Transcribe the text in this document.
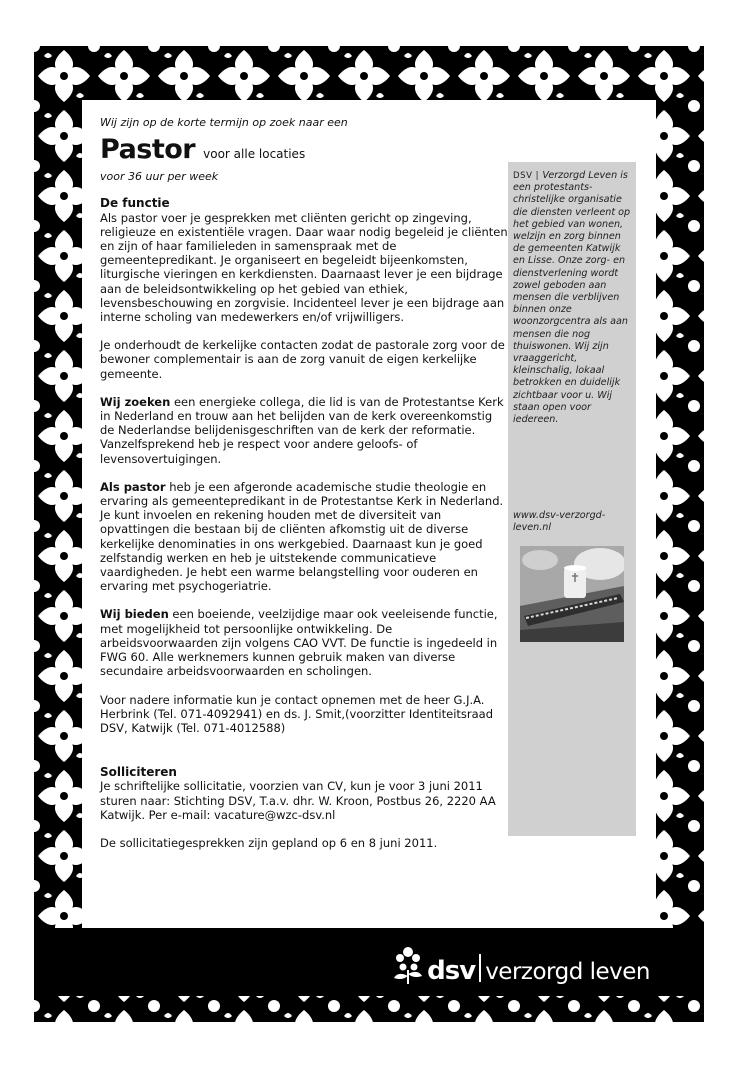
dsv verzorgd leven

Wij zijn op de korte termijn op zoek naar een

Pastor voor alle locaties

voor 36 uur per week

De functie

Als pastor voer je gesprekken met cliënten gericht op zingeving, religieuze en existentiële vragen. Daar waar nodig begeleid je cliënten en zijn of haar familieleden in samenspraak met de gemeentepredikant. Je organiseert en begeleidt bijeenkomsten, liturgische vieringen en kerkdiensten. Daarnaast lever je een bijdrage aan de beleidsontwikkeling op het gebied van ethiek, levensbeschouwing en zorgvisie. Incidenteel lever je een bijdrage aan interne scholing van medewerkers en/of vrijwilligers.

Je onderhoudt de kerkelijke contacten zodat de pastorale zorg voor de bewoner complementair is aan de zorg vanuit de eigen kerkelijke gemeente.

Wij zoeken een energieke collega, die lid is van de Protestantse Kerk in Nederland en trouw aan het belijden van de kerk overeenkomstig de Nederlandse belijdenisgeschriften van de kerk der reformatie. Vanzelfsprekend heb je respect voor andere geloofs- of levensovertuigingen.

Als pastor heb je een afgeronde academische studie theologie en ervaring als gemeentepredikant in de Protestantse Kerk in Nederland. Je kunt invoelen en rekening houden met de diversiteit van opvattingen die bestaan bij de cliënten afkomstig uit de diverse kerkelijke denominaties in ons werkgebied. Daarnaast kun je goed zelfstandig werken en heb je uitstekende communicatieve vaardigheden. Je hebt een warme belangstelling voor ouderen en ervaring met psychogeriatrie.

Wij bieden een boeiende, veelzijdige maar ook veeleisende functie, met mogelijkheid tot persoonlijke ontwikkeling. De arbeidsvoorwaarden zijn volgens CAO VVT. De functie is ingedeeld in FWG 60. Alle werknemers kunnen gebruik maken van diverse secundaire arbeidsvoorwaarden en scholingen.

Voor nadere informatie kun je contact opnemen met de heer G.J.A. Herbrink (Tel. 071-4092941) en ds. J. Smit,(voorzitter Identiteitsraad DSV, Katwijk (Tel. 071-4012588)

Solliciteren

Je schriftelijke sollicitatie, voorzien van CV, kun je voor 3 juni 2011 sturen naar: Stichting DSV, T.a.v. dhr. W. Kroon, Postbus 26, 2220 AA Katwijk. Per e-mail: vacature@wzc-dsv.nl

De sollicitatiegesprekken zijn gepland op 6 en 8 juni 2011.

DSV | Verzorgd Leven is een protestants-christelijke organisatie die diensten verleent op het gebied van wonen, welzijn en zorg binnen de gemeenten Katwijk en Lisse. Onze zorg- en dienstverlening wordt zowel geboden aan mensen die verblijven binnen onze woonzorgcentra als aan mensen die nog thuiswonen. Wij zijn vraaggericht, kleinschalig, lokaal betrokken en duidelijk zichtbaar voor u. Wij staan open voor iedereen.
www.dsv-verzorgd-leven.nl
